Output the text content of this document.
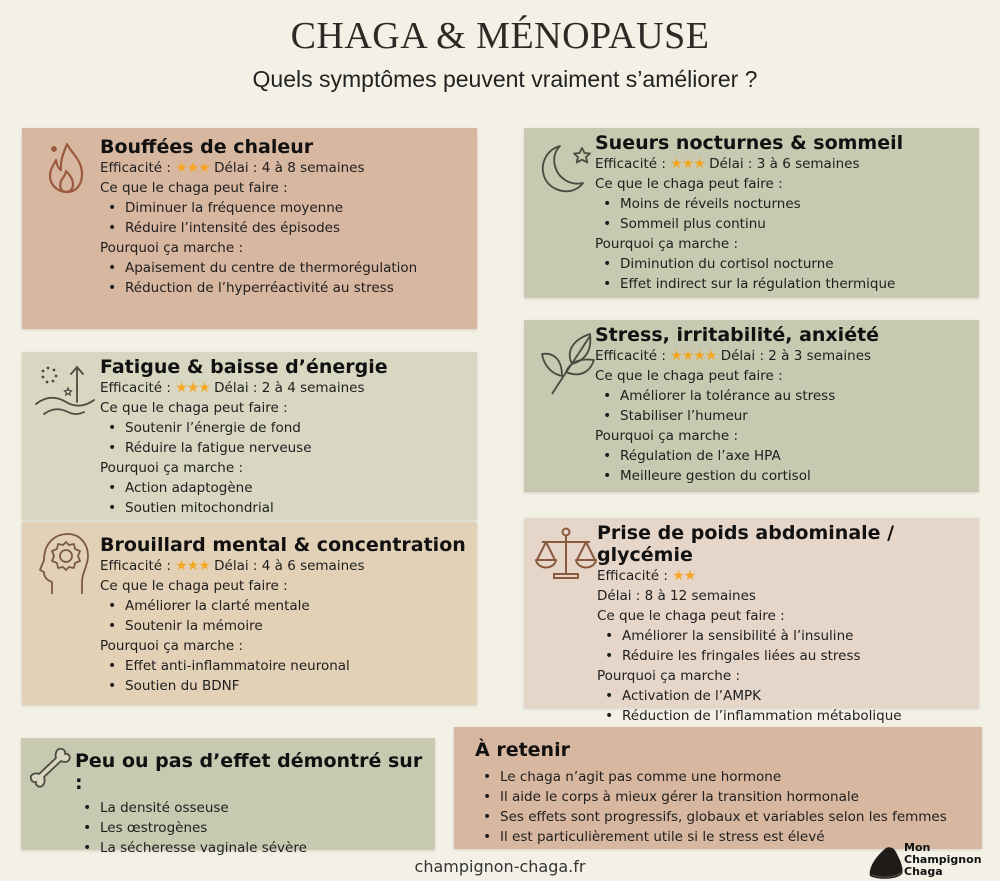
CHAGA & MÉNOPAUSE
Quels symptômes peuvent vraiment s’améliorer ?
Bouffées de chaleur
Efficacité : ★★★ Délai : 4 à 8 semaines
Ce que le chaga peut faire :
• Diminuer la fréquence moyenne
• Réduire l’intensité des épisodes
Pourquoi ça marche :
• Apaisement du centre de thermorégulation
• Réduction de l’hyperréactivité au stress
Sueurs nocturnes & sommeil
Efficacité : ★★★ Délai : 3 à 6 semaines
Ce que le chaga peut faire :
• Moins de réveils nocturnes
• Sommeil plus continu
Pourquoi ça marche :
• Diminution du cortisol nocturne
• Effet indirect sur la régulation thermique
Fatigue & baisse d’énergie
Efficacité : ★★★ Délai : 2 à 4 semaines
Ce que le chaga peut faire :
• Soutenir l’énergie de fond
• Réduire la fatigue nerveuse
Pourquoi ça marche :
• Action adaptogène
• Soutien mitochondrial
Stress, irritabilité, anxiété
Efficacité : ★★★★ Délai : 2 à 3 semaines
Ce que le chaga peut faire :
• Améliorer la tolérance au stress
• Stabiliser l’humeur
Pourquoi ça marche :
• Régulation de l’axe HPA
• Meilleure gestion du cortisol
Brouillard mental & concentration
Efficacité : ★★★ Délai : 4 à 6 semaines
Ce que le chaga peut faire :
• Améliorer la clarté mentale
• Soutenir la mémoire
Pourquoi ça marche :
• Effet anti-inflammatoire neuronal
• Soutien du BDNF
Prise de poids abdominale / glycémie
Efficacité : ★★
Délai : 8 à 12 semaines
Ce que le chaga peut faire :
• Améliorer la sensibilité à l’insuline
• Réduire les fringales liées au stress
Pourquoi ça marche :
• Activation de l’AMPK
• Réduction de l’inflammation métabolique
Peu ou pas d’effet démontré sur :
• La densité osseuse
• Les œstrogènes
• La sécheresse vaginale sévère
À retenir
• Le chaga n’agit pas comme une hormone
• Il aide le corps à mieux gérer la transition hormonale
• Ses effets sont progressifs, globaux et variables selon les femmes
• Il est particulièrement utile si le stress est élevé
champignon-chaga.fr
Mon
Champignon
Chaga
